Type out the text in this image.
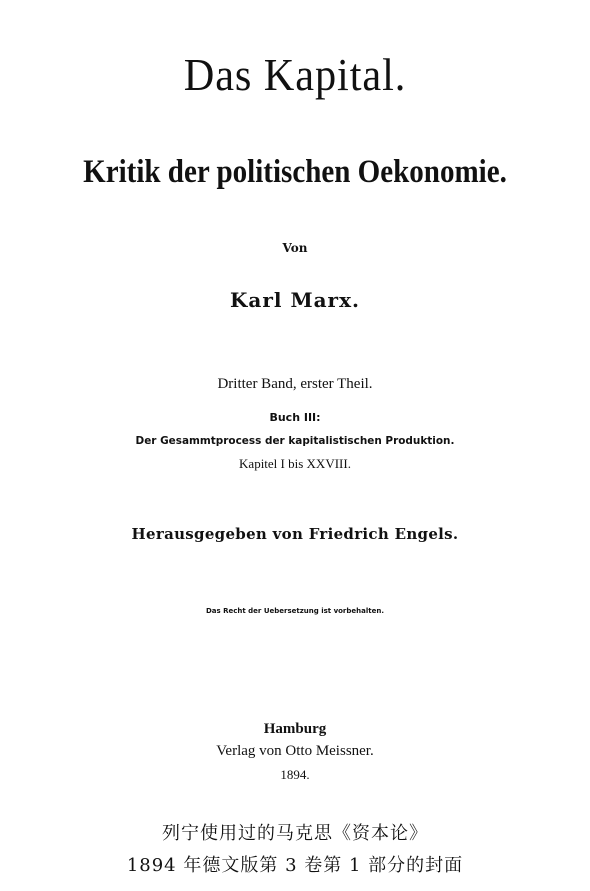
Das Kapital.
Kritik der politischen Oekonomie.
Von
Karl Marx.
Dritter Band, erster Theil.
Buch III:
Der Gesammtprocess der kapitalistischen Produktion.
Kapitel I bis XXVIII.
Herausgegeben von Friedrich Engels.
Das Recht der Uebersetzung ist vorbehalten.
Hamburg
Verlag von Otto Meissner.
1894.
列宁使用过的马克思《资本论》
1894 年德文版第 3 卷第 1 部分的封面
